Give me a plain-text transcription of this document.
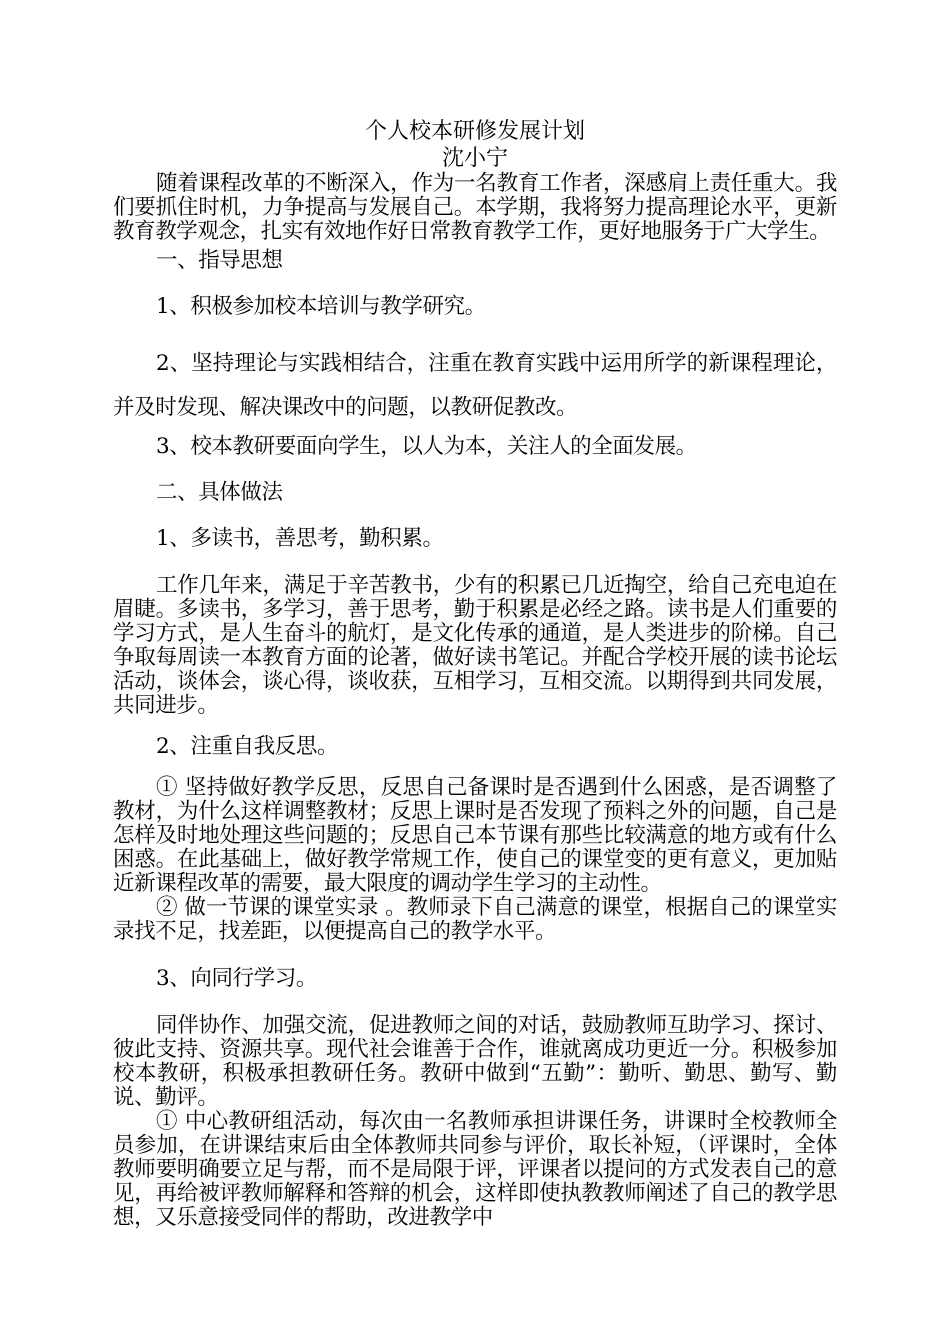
个人校本研修发展计划
沈小宁

随着课程改革的不断深入，作为一名教育工作者，深感肩上责任重大。我们要抓住时机，力争提高与发展自己。本学期，我将努力提高理论水平，更新教育教学观念，扎实有效地作好日常教育教学工作，更好地服务于广大学生。

一、指导思想

1、积极参加校本培训与教学研究。

2、坚持理论与实践相结合，注重在教育实践中运用所学的新课程理论，并及时发现、解决课改中的问题，以教研促教改。

3、校本教研要面向学生，以人为本，关注人的全面发展。

二、具体做法

1、多读书，善思考，勤积累。

工作几年来，满足于辛苦教书，少有的积累已几近掏空，给自己充电迫在眉睫。多读书，多学习，善于思考，勤于积累是必经之路。读书是人们重要的学习方式，是人生奋斗的航灯，是文化传承的通道，是人类进步的阶梯。自己争取每周读一本教育方面的论著，做好读书笔记。并配合学校开展的读书论坛活动，谈体会，谈心得，谈收获，互相学习，互相交流。以期得到共同发展，共同进步。

2、注重自我反思。

① 坚持做好教学反思，反思自己备课时是否遇到什么困惑，是否调整了教材，为什么这样调整教材；反思上课时是否发现了预料之外的问题，自己是怎样及时地处理这些问题的；反思自己本节课有那些比较满意的地方或有什么困惑。在此基础上，做好教学常规工作，使自己的课堂变的更有意义，更加贴近新课程改革的需要，最大限度的调动学生学习的主动性。

② 做一节课的课堂实录 。教师录下自己满意的课堂，根据自己的课堂实录找不足，找差距，以便提高自己的教学水平。

3、向同行学习。

同伴协作、加强交流，促进教师之间的对话，鼓励教师互助学习、探讨、彼此支持、资源共享。现代社会谁善于合作，谁就离成功更近一分。积极参加校本教研，积极承担教研任务。教研中做到“五勤”：勤听、勤思、勤写、勤说、勤评。

① 中心教研组活动，每次由一名教师承担讲课任务，讲课时全校教师全员参加，在讲课结束后由全体教师共同参与评价，取长补短，（评课时，全体教师要明确要立足与帮，而不是局限于评，评课者以提问的方式发表自己的意见，再给被评教师解释和答辩的机会，这样即使执教教师阐述了自己的教学思想，又乐意接受同伴的帮助，改进教学中
